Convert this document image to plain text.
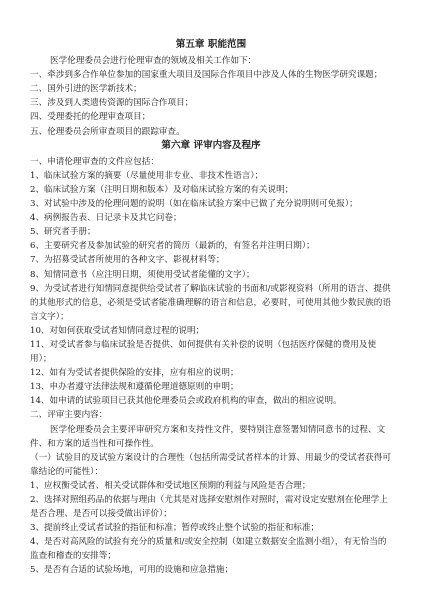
第五章 职能范围
医学伦理委员会进行伦理审查的领域及相关工作如下：
一、牵涉到多合作单位参加的国家重大项目及国际合作项目中涉及人体的生物医学研究课题；
二、国外引进的医学新技术；
三、涉及到人类遗传资源的国际合作项目；
四、受理委托的伦理审查项目；
五、伦理委员会所审查项目的跟踪审查。
第六章 评审内容及程序
一、申请伦理审查的文件应包括：
1、临床试验方案的摘要（尽量使用非专业、非技术性语言）；
2、临床试验方案（注明日期和版本）及对临床试验方案的有关说明；
3、对试验中涉及的伦理问题的说明（如在临床试验方案中已做了充分说明则可免报）；
4、病例报告表、日记录卡及其它问卷；
5、研究者手册；
6、主要研究者及参加试验的研究者的简历（最新的，有签名并注明日期）；
7、为招募受试者所使用的各种文字、影视材料等；
8、知情同意书（应注明日期，须使用受试者能懂的文字）；
9、为受试者进行知情同意提供给受试者了解临床试验的书面和/或影视资料（所用的语言、提供的其他形式的信息，必须是受试者能准确理解的语言和信息，必要时，可使用其他少数民族的语言文字）；
10、对如何获取受试者知情同意过程的说明；
11、对受试者参与临床试验是否提供、如何提供有关补偿的说明（包括医疗保健的费用及使用）；
12、如有为受试者提供保险的安排，应有相应的说明；
13、申办者遵守法律法规和遵循伦理道德原则的申明；
14、如申请的试验项目已获其他伦理委员会或政府机构的审查，做出的相应说明。
二、评审主要内容：
医学伦理委员会主要评审研究方案和支持性文件，要特别注意签署知情同意书的过程、文件、和方案的适当性和可操作性。
（一）试验目的及试验方案设计的合理性（包括所需受试者样本的计算、用最少的受试者获得可靠结论的可能性）：
1、应权衡受试者、相关受试群体和受试地区预期的利益与风险是否合理；
2、选择对照组药品的依据与理由（尤其是对选择安慰剂作对照时，需对设定安慰剂在伦理学上是否合理、是否可以接受做出评价）；
3、提前终止受试者试验的指征和标准；暂停或终止整个试验的指征和标准；
4、是否对高风险的试验有充分的质量和/或安全控制（如建立数据安全监测小组），有无恰当的监查和稽查的安排等；
5、是否有合适的试验场地，可用的设施和应急措施；
